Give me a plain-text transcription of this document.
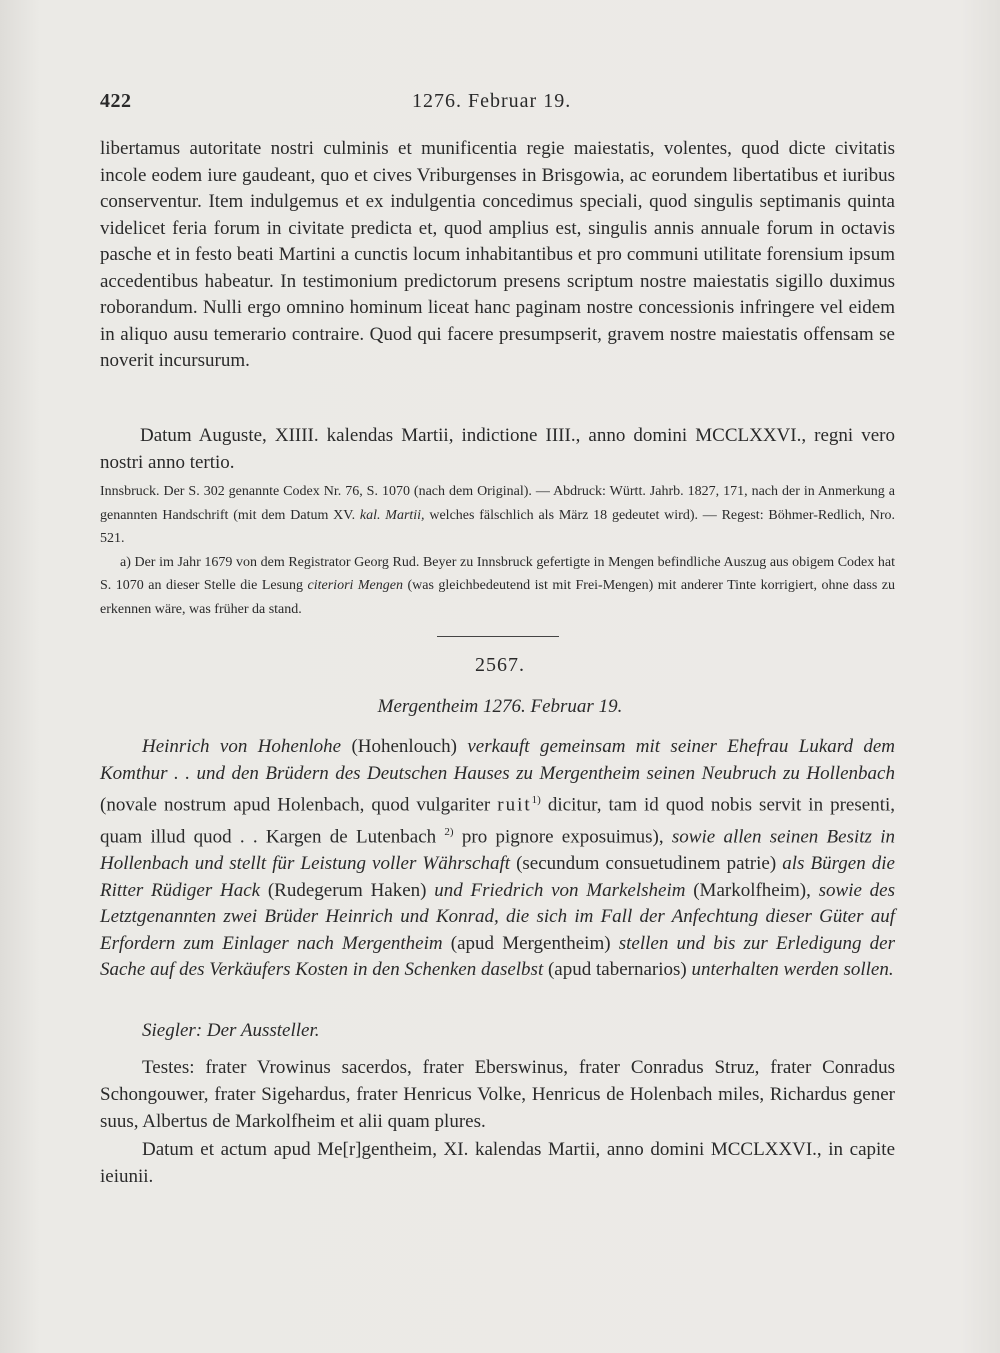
422	1276. Februar 19.

libertamus autoritate nostri culminis et munificentia regie maiestatis, volentes, quod dicte civitatis incole eodem iure gaudeant, quo et cives Vriburgenses in Brisgowia, ac eorundem libertatibus et iuribus conserventur. Item indulgemus et ex indulgentia concedimus speciali, quod singulis septimanis quinta videlicet feria forum in civitate predicta et, quod amplius est, singulis annis annuale forum in octavis pasche et in festo beati Martini a cunctis locum inhabitantibus et pro communi utilitate forensium ipsum accedentibus habeatur. In testimonium predictorum presens scriptum nostre maiestatis sigillo duximus roborandum. Nulli ergo omnino hominum liceat hanc paginam nostre concessionis infringere vel eidem in aliquo ausu temerario contraire. Quod qui facere presumpserit, gravem nostre maiestatis offensam se noverit incursurum.

Datum Auguste, XIIII. kalendas Martii, indictione IIII., anno domini MCCLXXVI., regni vero nostri anno tertio.

Innsbruck. Der S. 302 genannte Codex Nr. 76, S. 1070 (nach dem Original). — Abdruck: Württ. Jahrb. 1827, 171, nach der in Anmerkung a genannten Handschrift (mit dem Datum XV. kal. Martii, welches fälschlich als März 18 gedeutet wird). — Regest: Böhmer-Redlich, Nro. 521.

a) Der im Jahr 1679 von dem Registrator Georg Rud. Beyer zu Innsbruck gefertigte in Mengen befindliche Auszug aus obigem Codex hat S. 1070 an dieser Stelle die Lesung citeriori Mengen (was gleichbedeutend ist mit Frei-Mengen) mit anderer Tinte korrigiert, ohne dass zu erkennen wäre, was früher da stand.

2567.
Mergentheim 1276. Februar 19.

Heinrich von Hohenlohe (Hohenlouch) verkauft gemeinsam mit seiner Ehefrau Lukard dem Komthur . . und den Brüdern des Deutschen Hauses zu Mergentheim seinen Neubruch zu Hollenbach (novale nostrum apud Holenbach, quod vulgariter ruit$^{1)}$ dicitur, tam id quod nobis servit in presenti, quam illud quod . . Kargen de Lutenbach $^{2)}$ pro pignore exposuimus), sowie allen seinen Besitz in Hollenbach und stellt für Leistung voller Währschaft (secundum consuetudinem patrie) als Bürgen die Ritter Rüdiger Hack (Rudegerum Haken) und Friedrich von Markelsheim (Markolfheim), sowie des Letztgenannten zwei Brüder Heinrich und Konrad, die sich im Fall der Anfechtung dieser Güter auf Erfordern zum Einlager nach Mergentheim (apud Mergentheim) stellen und bis zur Erledigung der Sache auf des Verkäufers Kosten in den Schenken daselbst (apud tabernarios) unterhalten werden sollen.

Siegler: Der Aussteller.

Testes: frater Vrowinus sacerdos, frater Eberswinus, frater Conradus Struz, frater Conradus Schongouwer, frater Sigehardus, frater Henricus Volke, Henricus de Holenbach miles, Richardus gener suus, Albertus de Markolfheim et alii quam plures.

Datum et actum apud Me[r]gentheim, XI. kalendas Martii, anno domini MCCLXXVI., in capite ieiunii.
